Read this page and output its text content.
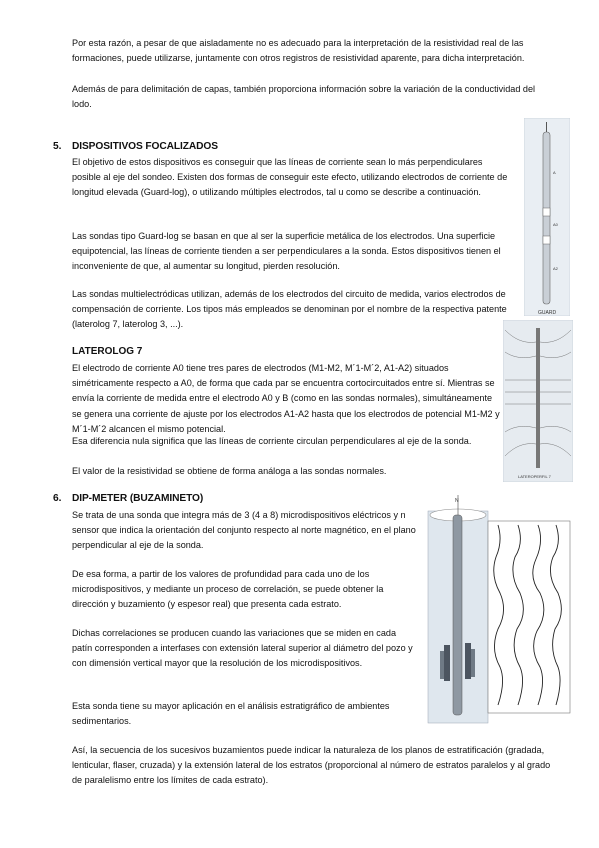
Por esta razón, a pesar de que aisladamente no es adecuado para la interpretación de la resistividad real de las formaciones, puede utilizarse, juntamente con otros registros de resistividad aparente, para dicha interpretación.

Además de para delimitación de capas, también proporciona información sobre la variación de la conductividad del lodo.

5. DISPOSITIVOS FOCALIZADOS

El objetivo de estos dispositivos es conseguir que las líneas de corriente sean lo más perpendiculares posible al eje del sondeo. Existen dos formas de conseguir este efecto, utilizando electrodos de corriente de longitud elevada (Guard-log), o utilizando múltiples electrodos, tal u como se describe a continuación.

Las sondas tipo Guard-log se basan en que al ser la superficie metálica de los electrodos. Una superficie equipotencial, las líneas de corriente tienden a ser perpendiculares a la sonda. Estos dispositivos tienen el inconveniente de que, al aumentar su longitud, pierden resolución.

Las sondas multielectródicas utilizan, además de los electrodos del circuito de medida, varios electrodos de compensación de corriente. Los tipos más empleados se denominan por el nombre de la respectiva patente (laterolog 7, laterolog 3, ...).

A
A0
A2
GUARD
LATEROLOG 7

El electrodo de corriente A0 tiene tres pares de electrodos (M1-M2, M´1-M´2, A1-A2) situados simétricamente respecto a A0, de forma que cada par se encuentra cortocircuitados entre sí. Mientras se envía la corriente de medida entre el electrodo A0 y B (como en las sondas normales), simultáneamente se genera una corriente de ajuste por los electrodos A1-A2 hasta que los electrodos de potencial M1-M2 y M´1-M´2 alcancen el mismo potencial.

Esa diferencia nula significa que las líneas de corriente circulan perpendiculares al eje de la sonda.

El valor de la resistividad se obtiene de forma análoga a las sondas normales.

LATEROPERFIL 7
6. DIP-METER (BUZAMINETO)

Se trata de una sonda que integra más de 3 (4 a 8) microdispositivos eléctricos y n sensor que indica la orientación del conjunto respecto al norte magnético, en el plano perpendicular al eje de la sonda.

De esa forma, a partir de los valores de profundidad para cada uno de los microdispositivos, y mediante un proceso de correlación, se puede obtener la dirección y buzamiento (y espesor real) que presenta cada estrato.

Dichas correlaciones se producen cuando las variaciones que se miden en cada patín corresponden a interfases con extensión lateral superior al diámetro del pozo y con dimensión vertical mayor que la resolución de los microdispositivos.

Esta sonda tiene su mayor aplicación en el análisis estratigráfico de ambientes sedimentarios.

Así, la secuencia de los sucesivos buzamientos puede indicar la naturaleza de los planos de estratificación (gradada, lenticular, flaser, cruzada) y la extensión lateral de los estratos (proporcional al número de estratos paralelos y al grado de paralelismo entre los límites de cada estrato).

N
